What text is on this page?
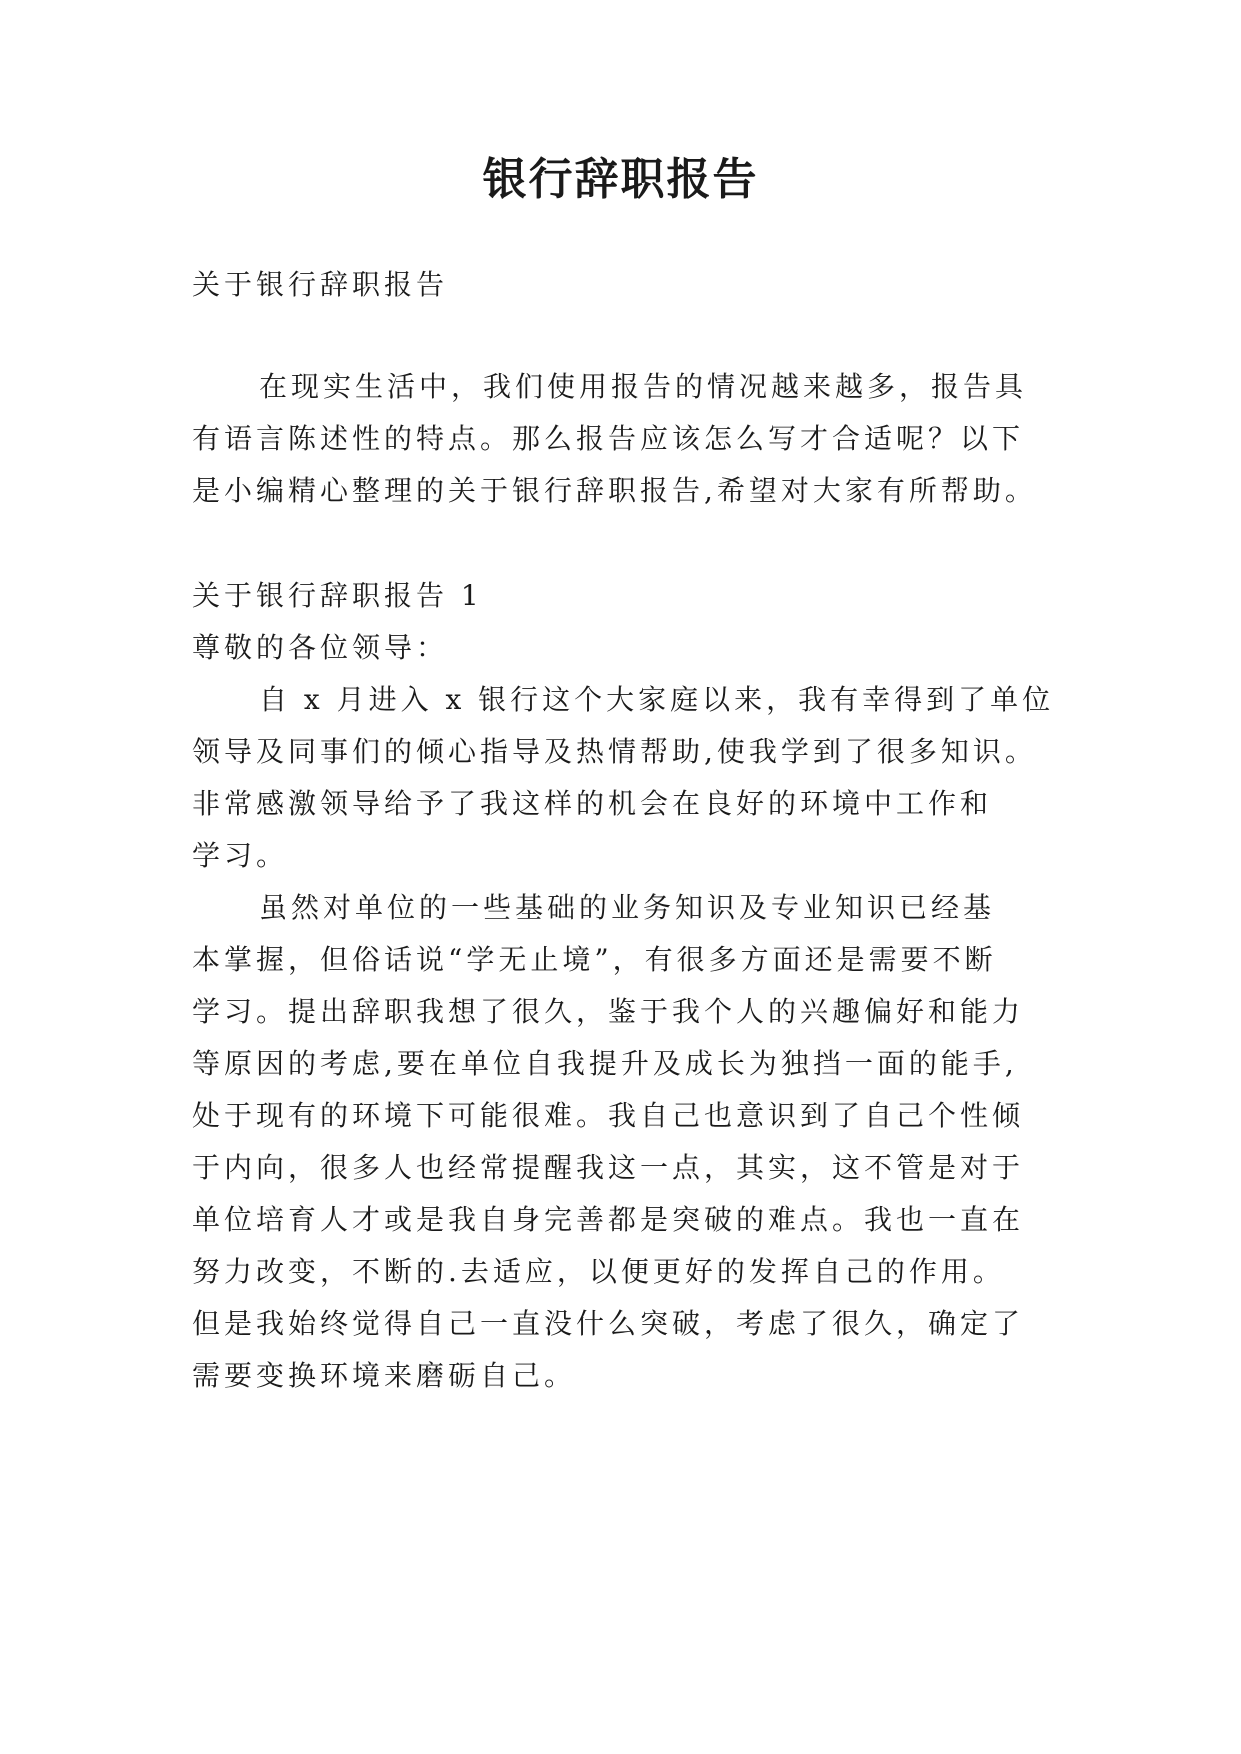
银行辞职报告

关于银行辞职报告

在现实生活中，我们使用报告的情况越来越多，报告具

有语言陈述性的特点。那么报告应该怎么写才合适呢？以下

是小编精心整理的关于银行辞职报告,希望对大家有所帮助。

关于银行辞职报告 1

尊敬的各位领导：

自 x 月进入 x 银行这个大家庭以来，我有幸得到了单位

领导及同事们的倾心指导及热情帮助,使我学到了很多知识。

非常感激领导给予了我这样的机会在良好的环境中工作和

学习。

虽然对单位的一些基础的业务知识及专业知识已经基

本掌握，但俗话说“学无止境”，有很多方面还是需要不断

学习。提出辞职我想了很久，鉴于我个人的兴趣偏好和能力

等原因的考虑,要在单位自我提升及成长为独挡一面的能手,

处于现有的环境下可能很难。我自己也意识到了自己个性倾

于内向，很多人也经常提醒我这一点，其实，这不管是对于

单位培育人才或是我自身完善都是突破的难点。我也一直在

努力改变，不断的.去适应，以便更好的发挥自己的作用。

但是我始终觉得自己一直没什么突破，考虑了很久，确定了

需要变换环境来磨砺自己。
